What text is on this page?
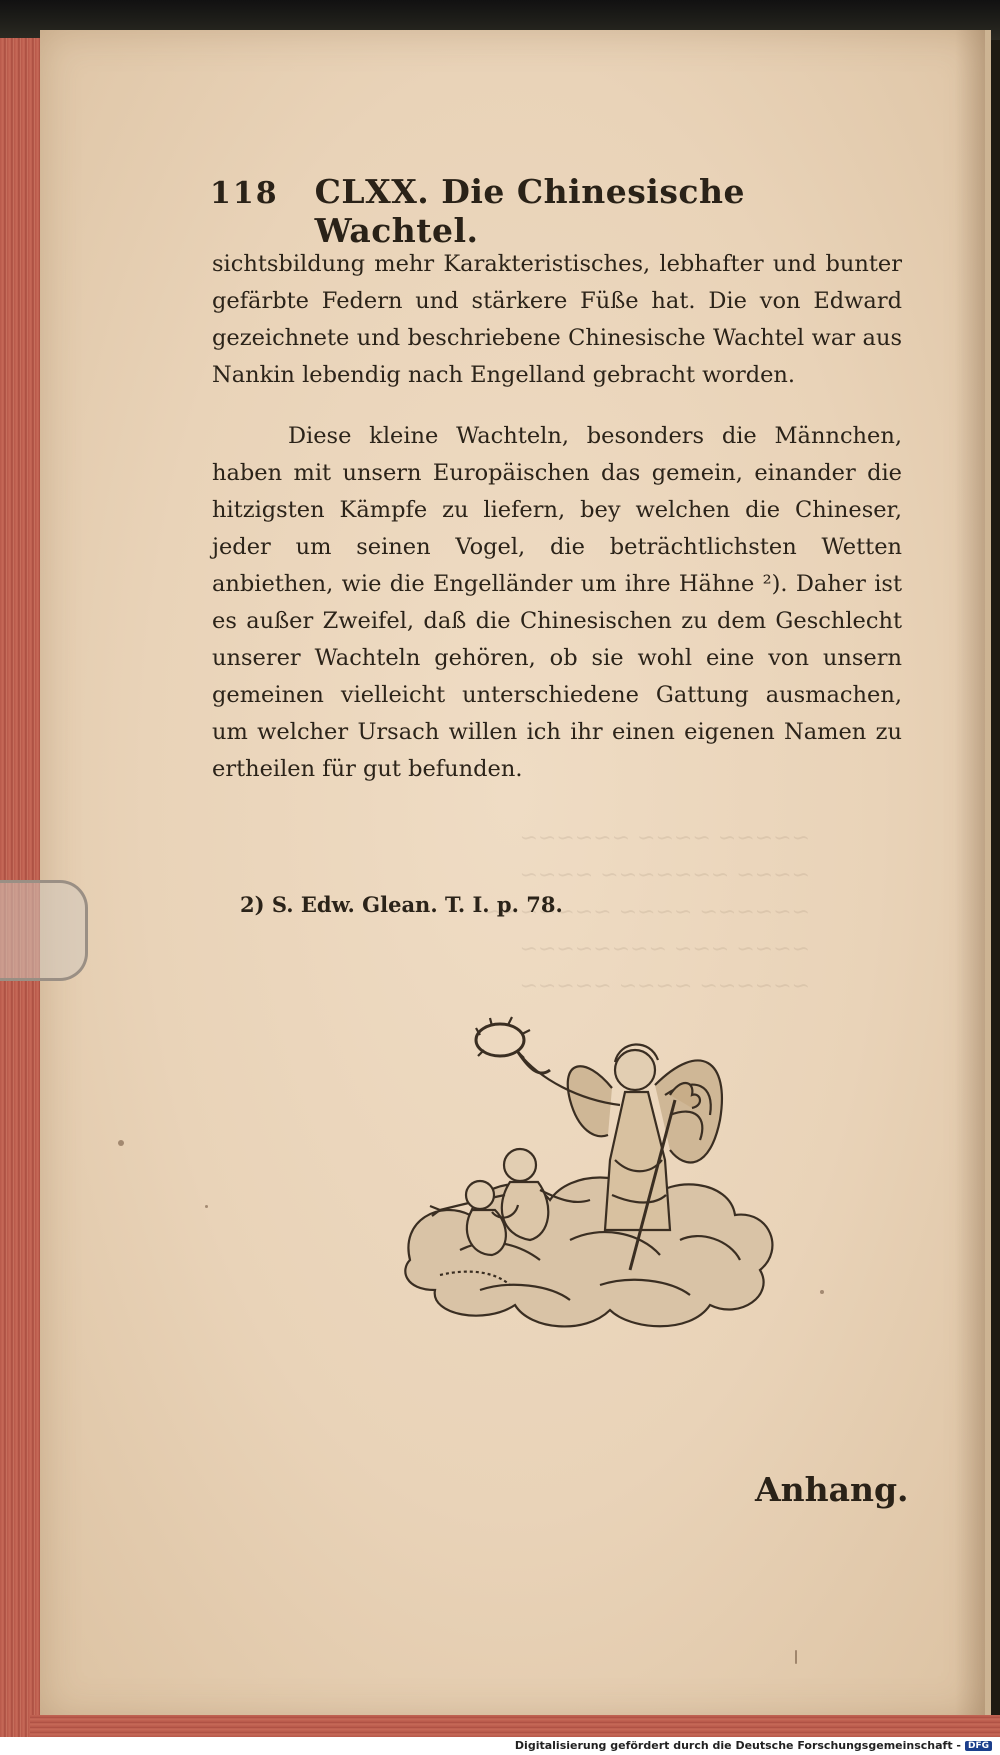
~~~~~ ~~~~ ~~~~~~
~~~~ ~~~~~~~ ~~~~
~~~~~~ ~~~~ ~~~~~~~
~~~~ ~~~ ~~~~~~~~
~~~~~~ ~~~~ ~~~~~
118 CLXX. Die Chinesische Wachtel.

sichtsbildung mehr Karakteristisches, lebhafter und bunter gefärbte Federn und stärkere Füße hat. Die von Edward gezeichnete und beschriebene Chinesische Wachtel war aus Nankin lebendig nach Engelland gebracht worden.

Diese kleine Wachteln, besonders die Männchen, haben mit unsern Europäischen das gemein, einander die hitzigsten Kämpfe zu liefern, bey welchen die Chineser, jeder um seinen Vogel, die beträchtlichsten Wetten anbiethen, wie die Engelländer um ihre Hähne ²). Daher ist es außer Zweifel, daß die Chinesischen zu dem Geschlecht unserer Wachteln gehören, ob sie wohl eine von unsern gemeinen vielleicht unterschiedene Gattung ausmachen, um welcher Ursach willen ich ihr einen eigenen Namen zu ertheilen für gut befunden.

2) S. Edw. Glean. T. I. p. 78.
Anhang.
Digitalisierung gefördert durch die Deutsche Forschungsgemeinschaft - DFG
